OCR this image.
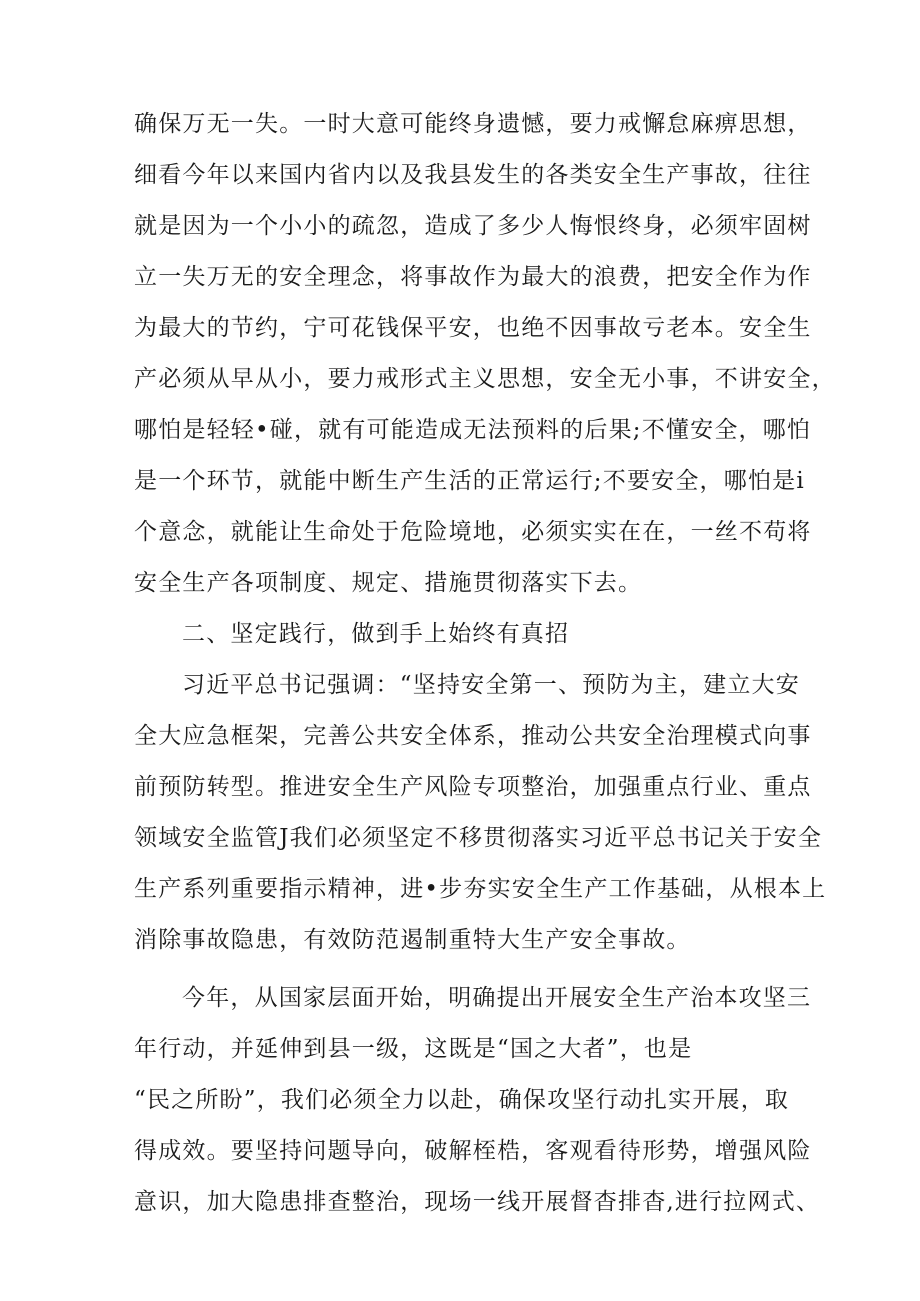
确保万无一失。一时大意可能终身遗憾，要力戒懈怠麻痹思想，
细看今年以来国内省内以及我县发生的各类安全生产事故，往往
就是因为一个小小的疏忽，造成了多少人悔恨终身，必须牢固树
立一失万无的安全理念，将事故作为最大的浪费，把安全作为作
为最大的节约，宁可花钱保平安，也绝不因事故亏老本。安全生
产必须从早从小，要力戒形式主义思想，安全无小事，不讲安全，
哪怕是轻轻•碰，就有可能造成无法预料的后果;不懂安全，哪怕
是一个环节，就能中断生产生活的正常运行;不要安全，哪怕是i
个意念，就能让生命处于危险境地，必须实实在在，一丝不苟将
安全生产各项制度、规定、措施贯彻落实下去。
二、坚定践行，做到手上始终有真招
习近平总书记强调：“坚持安全第一、预防为主，建立大安
全大应急框架，完善公共安全体系，推动公共安全治理模式向事
前预防转型。推进安全生产风险专项整治，加强重点行业、重点
领域安全监管J我们必须坚定不移贯彻落实习近平总书记关于安全
生产系列重要指示精神，进•步夯实安全生产工作基础，从根本上
消除事故隐患，有效防范遏制重特大生产安全事故。
今年，从国家层面开始，明确提出开展安全生产治本攻坚三
年行动，并延伸到县一级，这既是“国之大者”，也是
“民之所盼”，我们必须全力以赴，确保攻坚行动扎实开展，取
得成效。要坚持问题导向，破解桎梏，客观看待形势，增强风险
意识，加大隐患排查整治，现场一线开展督杳排杳,进行拉网式、
